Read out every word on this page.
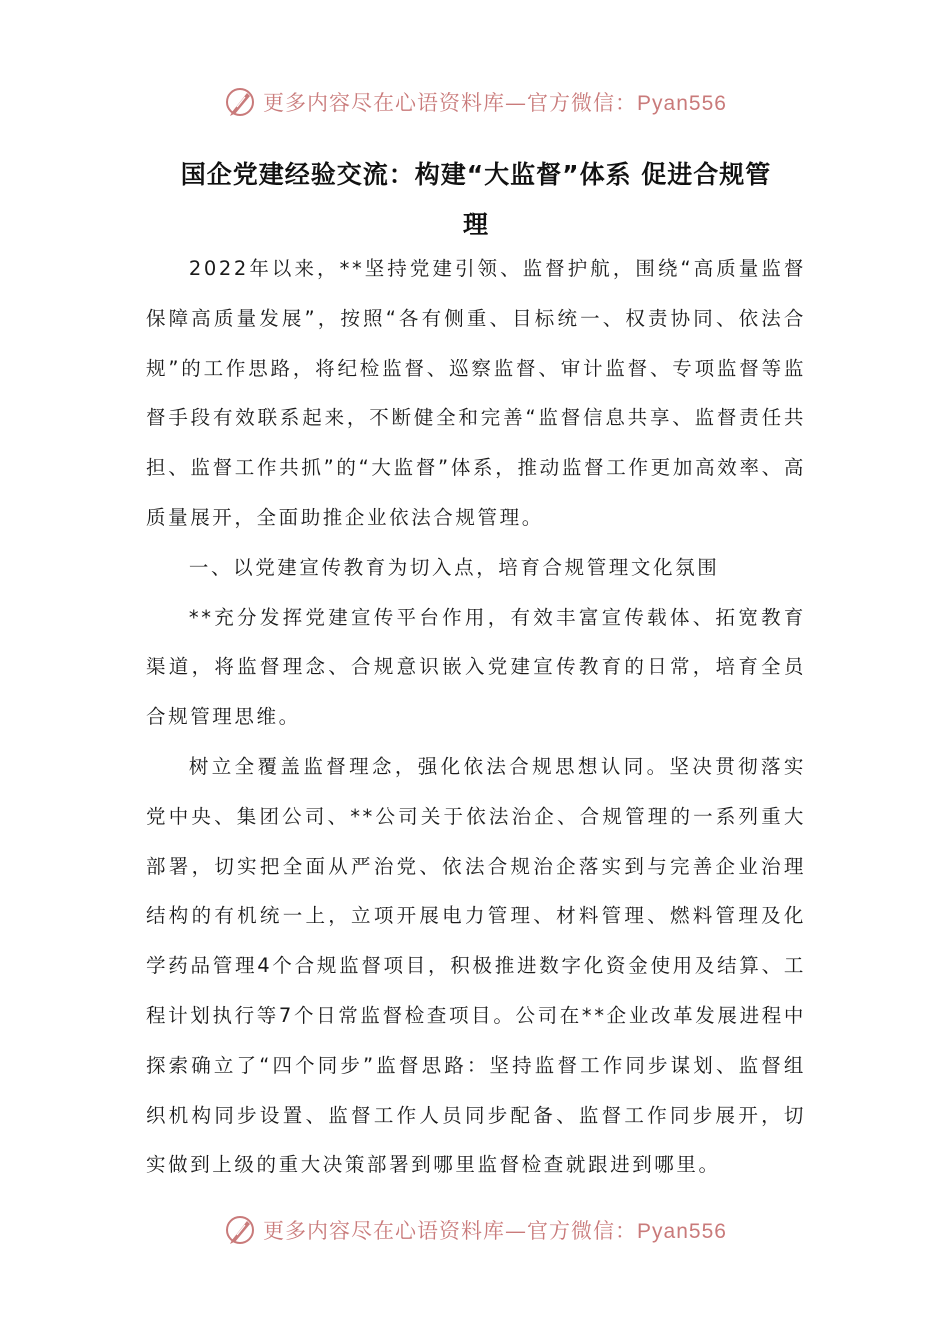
更多内容尽在心语资料库—官方微信：Pyan556
国企党建经验交流：构建“大监督”体系 促进合规管
理

2022年以来，**坚持党建引领、监督护航，围绕“高质量监督保障高质量发展”，按照“各有侧重、目标统一、权责协同、依法合规”的工作思路，将纪检监督、巡察监督、审计监督、专项监督等监督手段有效联系起来，不断健全和完善“监督信息共享、监督责任共担、监督工作共抓”的“大监督”体系，推动监督工作更加高效率、高质量展开，全面助推企业依法合规管理。

一、以党建宣传教育为切入点，培育合规管理文化氛围

**充分发挥党建宣传平台作用，有效丰富宣传载体、拓宽教育渠道，将监督理念、合规意识嵌入党建宣传教育的日常，培育全员合规管理思维。

树立全覆盖监督理念，强化依法合规思想认同。坚决贯彻落实党中央、集团公司、**公司关于依法治企、合规管理的一系列重大部署，切实把全面从严治党、依法合规治企落实到与完善企业治理结构的有机统一上，立项开展电力管理、材料管理、燃料管理及化学药品管理4个合规监督项目，积极推进数字化资金使用及结算、工程计划执行等7个日常监督检查项目。公司在**企业改革发展进程中探索确立了“四个同步”监督思路：坚持监督工作同步谋划、监督组织机构同步设置、监督工作人员同步配备、监督工作同步展开，切实做到上级的重大决策部署到哪里监督检查就跟进到哪里。

更多内容尽在心语资料库—官方微信：Pyan556
